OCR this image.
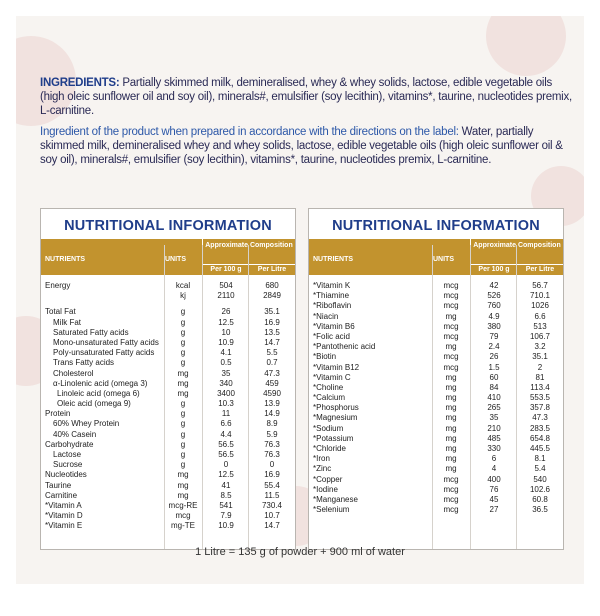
INGREDIENTS: Partially skimmed milk, demineralised, whey & whey solids, lactose, edible vegetable oils (high oleic sunflower oil and soy oil), minerals#, emulsifier (soy lecithin), vitamins*, taurine, nucleotides premix, L-carnitine.

Ingredient of the product when prepared in accordance with the directions on the label: Water, partially skimmed milk, demineralised whey and whey solids, lactose, edible vegetable oils (high oleic sunflower oil & soy oil), minerals#, emulsifier (soy lecithin), vitamins*, taurine, nucleotides premix, L-carnitine.

NUTRITIONAL INFORMATION
NUTRIENTS	UNITS
Approximate Composition
Per 100 g	Per Litre
Energy	kcal	504	680
kj	2110	2849
Total Fat	g	26	35.1
Milk Fat	g	12.5	16.9
Saturated Fatty acids	g	10	13.5
Mono-unsaturated Fatty acids	g	10.9	14.7
Poly-unsaturated Fatty acids	g	4.1	5.5
Trans Fatty acids	g	0.5	0.7
Cholesterol	mg	35	47.3
α-Linolenic acid (omega 3)	mg	340	459
Linoleic acid (omega 6)	mg	3400	4590
Oleic acid (omega 9)	g	10.3	13.9
Protein	g	11	14.9
60% Whey Protein	g	6.6	8.9
40% Casein	g	4.4	5.9
Carbohydrate	g	56.5	76.3
Lactose	g	56.5	76.3
Sucrose	g	0	0
Nucleotides	mg	12.5	16.9
Taurine	mg	41	55.4
Carnitine	mg	8.5	11.5
*Vitamin A	mcg-RE	541	730.4
*Vitamin D	mcg	7.9	10.7
*Vitamin E	mg-TE	10.9	14.7
NUTRITIONAL INFORMATION
NUTRIENTS	UNITS
Approximate Composition
Per 100 g	Per Litre
*Vitamin K	mcg	42	56.7
*Thiamine	mcg	526	710.1
*Riboflavin	mcg	760	1026
*Niacin	mg	4.9	6.6
*Vitamin B6	mcg	380	513
*Folic acid	mcg	79	106.7
*Pantothenic acid	mg	2.4	3.2
*Biotin	mcg	26	35.1
*Vitamin B12	mcg	1.5	2
*Vitamin C	mg	60	81
*Choline	mg	84	113.4
*Calcium	mg	410	553.5
*Phosphorus	mg	265	357.8
*Magnesium	mg	35	47.3
*Sodium	mg	210	283.5
*Potassium	mg	485	654.8
*Chloride	mg	330	445.5
*Iron	mg	6	8.1
*Zinc	mg	4	5.4
*Copper	mcg	400	540
*Iodine	mcg	76	102.6
*Manganese	mcg	45	60.8
*Selenium	mcg	27	36.5
1 Litre = 135 g of powder + 900 ml of water
